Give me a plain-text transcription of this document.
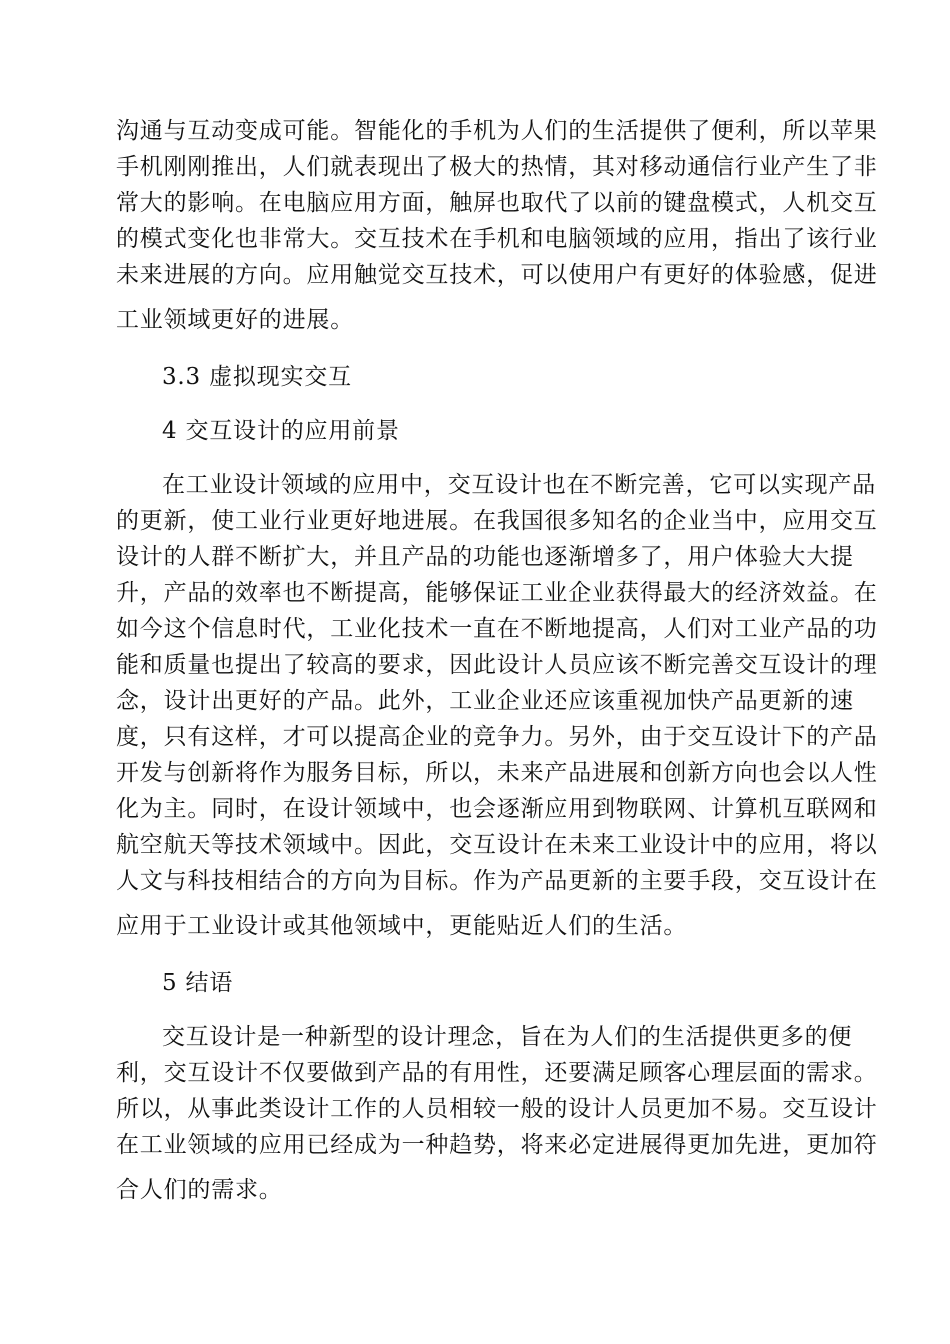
沟通与互动变成可能。智能化的手机为人们的生活提供了便利，所以苹果
手机刚刚推出，人们就表现出了极大的热情，其对移动通信行业产生了非
常大的影响。在电脑应用方面，触屏也取代了以前的键盘模式，人机交互
的模式变化也非常大。交互技术在手机和电脑领域的应用，指出了该行业
未来进展的方向。应用触觉交互技术，可以使用户有更好的体验感，促进
工业领域更好的进展。
3.3 虚拟现实交互
4 交互设计的应用前景
在工业设计领域的应用中，交互设计也在不断完善，它可以实现产品
的更新，使工业行业更好地进展。在我国很多知名的企业当中，应用交互
设计的人群不断扩大，并且产品的功能也逐渐增多了，用户体验大大提
升，产品的效率也不断提高，能够保证工业企业获得最大的经济效益。在
如今这个信息时代，工业化技术一直在不断地提高，人们对工业产品的功
能和质量也提出了较高的要求，因此设计人员应该不断完善交互设计的理
念，设计出更好的产品。此外，工业企业还应该重视加快产品更新的速
度，只有这样，才可以提高企业的竞争力。另外，由于交互设计下的产品
开发与创新将作为服务目标，所以，未来产品进展和创新方向也会以人性
化为主。同时，在设计领域中，也会逐渐应用到物联网、计算机互联网和
航空航天等技术领域中。因此，交互设计在未来工业设计中的应用，将以
人文与科技相结合的方向为目标。作为产品更新的主要手段，交互设计在
应用于工业设计或其他领域中，更能贴近人们的生活。
5 结语
交互设计是一种新型的设计理念，旨在为人们的生活提供更多的便
利，交互设计不仅要做到产品的有用性，还要满足顾客心理层面的需求。
所以，从事此类设计工作的人员相较一般的设计人员更加不易。交互设计
在工业领域的应用已经成为一种趋势，将来必定进展得更加先进，更加符
合人们的需求。
